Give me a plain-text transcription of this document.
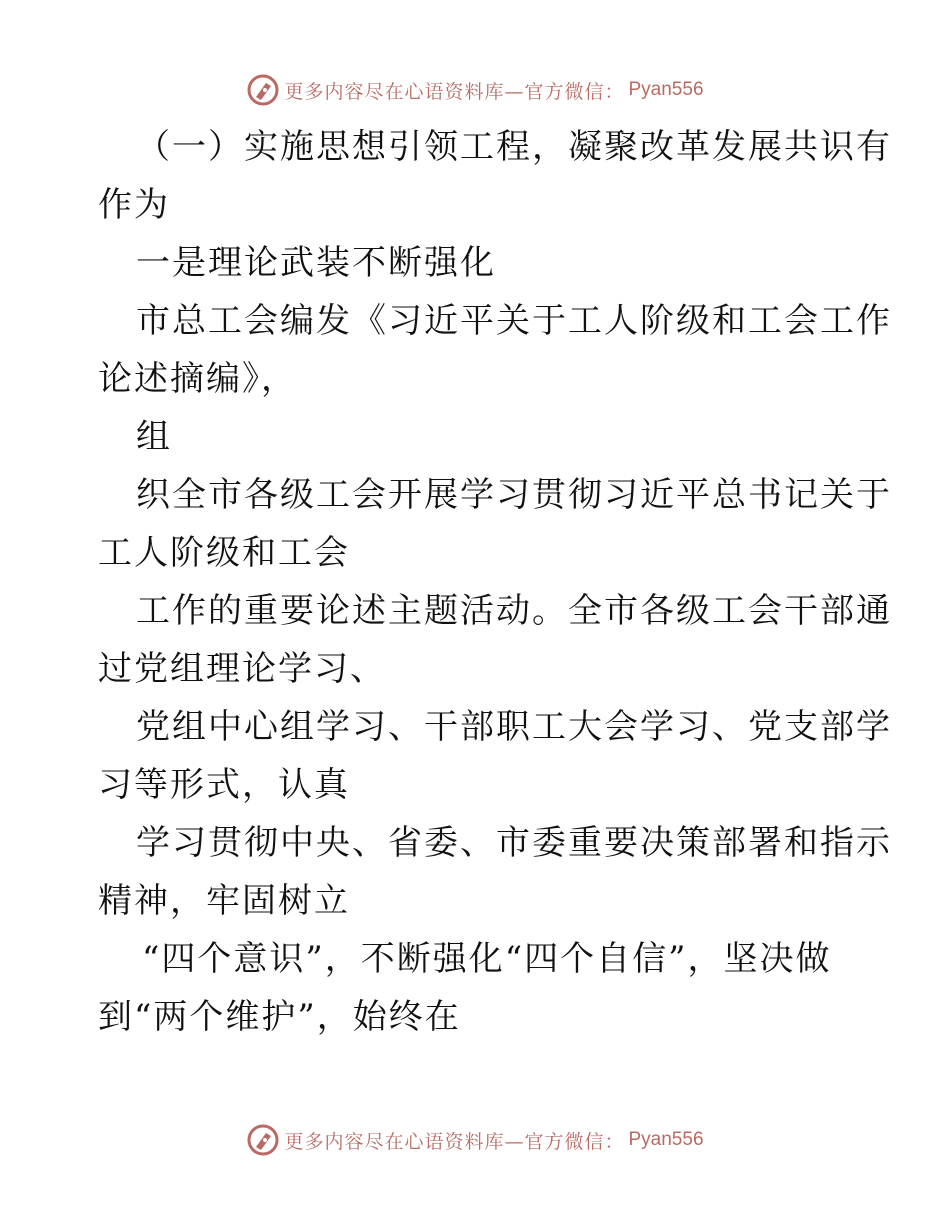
更多内容尽在心语资料库—官方微信： Pyan556
（一）实施思想引领工程，凝聚改革发展共识有
作为
一是理论武装不断强化
市总工会编发《习近平关于工人阶级和工会工作
论述摘编》，
组
织全市各级工会开展学习贯彻习近平总书记关于
工人阶级和工会
工作的重要论述主题活动。全市各级工会干部通
过党组理论学习、
党组中心组学习、干部职工大会学习、党支部学
习等形式，认真
学习贯彻中央、省委、市委重要决策部署和指示
精神，牢固树立
“四个意识”，不断强化“四个自信”，坚决做
到“两个维护”，始终在
更多内容尽在心语资料库—官方微信： Pyan556
